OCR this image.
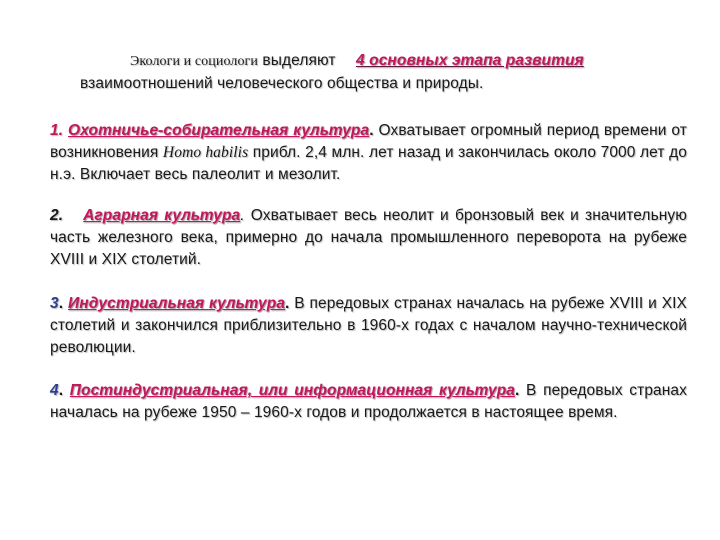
Экологи и социологи выделяют 4 основных этапа развития
взаимоотношений человеческого общества и природы.
1. Охотничье-собирательная культура. Охватывает огромный период времени от возникновения Homo habilis прибл. 2,4 млн. лет назад и закончилась около 7000 лет до н.э. Включает весь палеолит и мезолит.
2. Аграрная культура. Охватывает весь неолит и бронзовый век и значительную часть железного века, примерно до начала промышленного переворота на рубеже XVIII и XIX столетий.
3. Индустриальная культура. В передовых странах началась на рубеже XVIII и XIX столетий и закончился приблизительно в 1960-х годах с началом научно-технической революции.
4. Постиндустриальная, или информационная культура. В передовых странах началась на рубеже 1950 – 1960-х годов и продолжается в настоящее время.
